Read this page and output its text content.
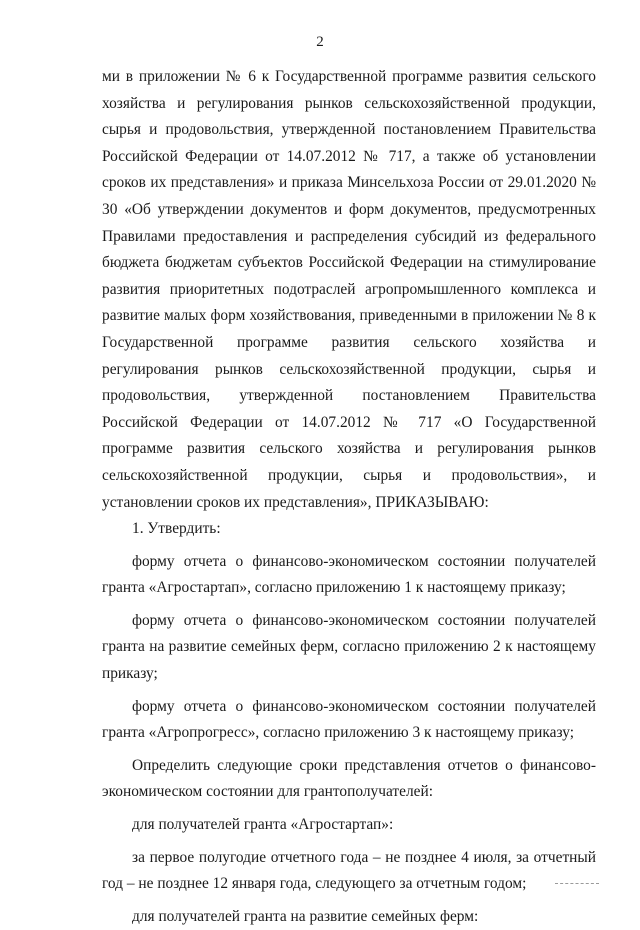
2

ми в приложении № 6 к Государственной программе развития сельского хозяйства и регулирования рынков сельскохозяйственной продукции, сырья и продовольствия, утвержденной постановлением Правительства Российской Федерации от 14.07.2012 № 717, а также об установлении сроков их представления» и приказа Минсельхоза России от 29.01.2020 № 30 «Об утверждении документов и форм документов, предусмотренных Правилами предоставления и распределения субсидий из федерального бюджета бюджетам субъектов Российской Федерации на стимулирование развития приоритетных подотраслей агропромышленного комплекса и развитие малых форм хозяйствования, приведенными в приложении № 8 к Государственной программе развития сельского хозяйства и регулирования рынков сельскохозяйственной продукции, сырья и продовольствия, утвержденной постановлением Правительства Российской Федерации от 14.07.2012 № 717 «О Государственной программе развития сельского хозяйства и регулирования рынков сельскохозяйственной продукции, сырья и продовольствия», и установлении сроков их представления», ПРИКАЗЫВАЮ:

1. Утвердить:

форму отчета о финансово-экономическом состоянии получателей гранта «Агростартап», согласно приложению 1 к настоящему приказу;

форму отчета о финансово-экономическом состоянии получателей гранта на развитие семейных ферм, согласно приложению 2 к настоящему приказу;

форму отчета о финансово-экономическом состоянии получателей гранта «Агропрогресс», согласно приложению 3 к настоящему приказу;

Определить следующие сроки представления отчетов о финансово-экономическом состоянии для грантополучателей:

для получателей гранта «Агростартап»:

за первое полугодие отчетного года – не позднее 4 июля, за отчетный год – не позднее 12 января года, следующего за отчетным годом;

для получателей гранта на развитие семейных ферм:
